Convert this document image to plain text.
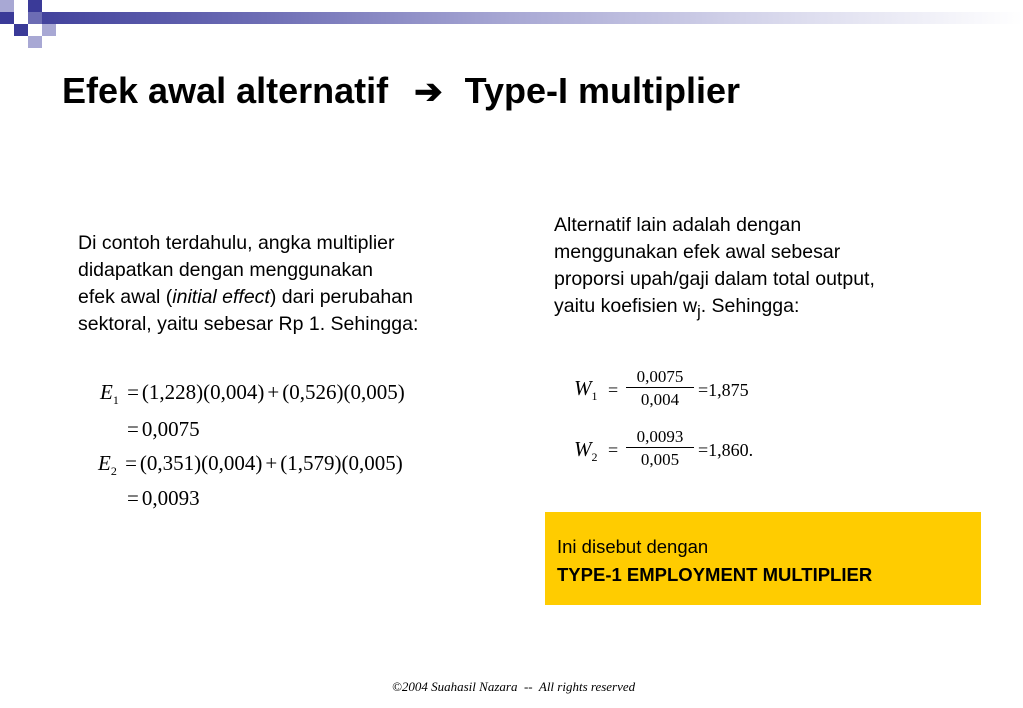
Efek awal alternatif ➔ Type-I multiplier
Di contoh terdahulu, angka multiplier
didapatkan dengan menggunakan
efek awal (initial effect) dari perubahan
sektoral, yaitu sebesar Rp 1. Sehingga:
Alternatif lain adalah dengan
menggunakan efek awal sebesar
proporsi upah/gaji dalam total output,
yaitu koefisien $w_j$. Sehingga:
$E_1 = (1,228)(0,004) + (0,526)(0,005)$
= 0,0075
$E_2 = (0,351)(0,004) + (1,579)(0,005)$
= 0,0093
$W_1 = \frac{0,0075}{0,004} =1,875$
$W_2 = \frac{0,0093}{0,005} =1,860$.
Ini disebut dengan
TYPE-1 EMPLOYMENT MULTIPLIER
©2004 Suahasil Nazara  --  All rights reserved
